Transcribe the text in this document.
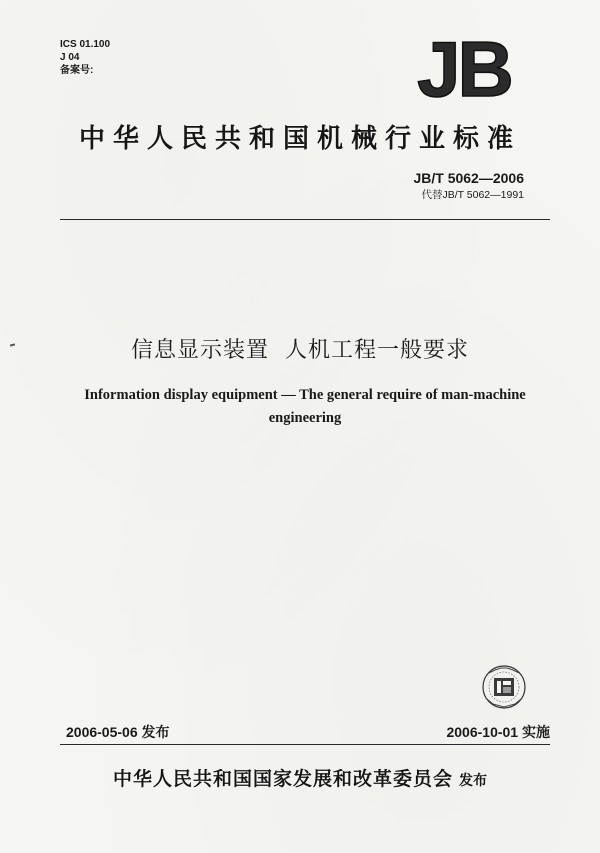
ICS 01.100
J 04
备案号:	JB
中华人民共和国机械行业标准
JB/T 5062—2006
代替JB/T 5062—1991
信息显示装置  人机工程一般要求
Information display equipment — The general require of man-machine engineering
2006-05-06 发布	2006-10-01 实施
中华人民共和国国家发展和改革委员会 发布
